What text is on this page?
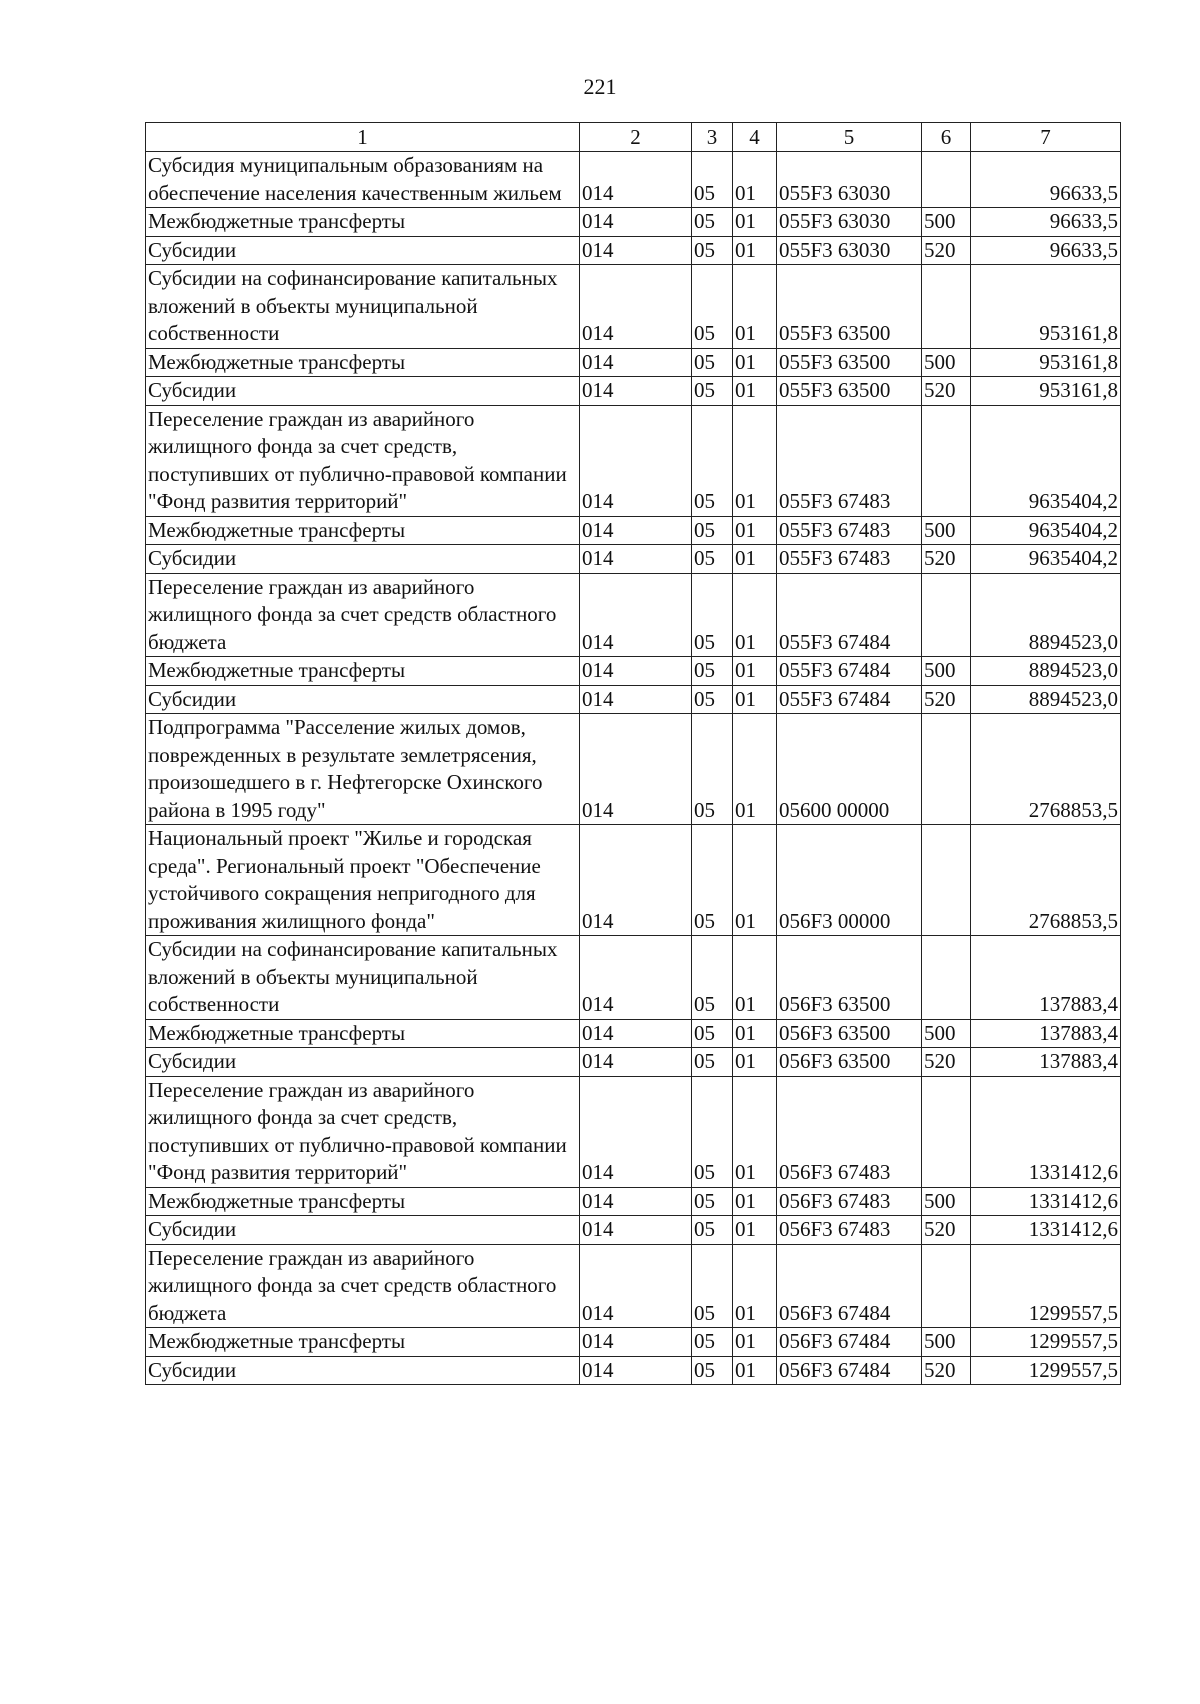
221
1	2	3	4	5	6	7
Субсидия муниципальным образованиям на обеспечение населения качественным жильем	014	05	01	055F3 63030		96633,5
Межбюджетные трансферты	014	05	01	055F3 63030	500	96633,5
Субсидии	014	05	01	055F3 63030	520	96633,5
Субсидии на софинансирование капитальных вложений в объекты муниципальной собственности	014	05	01	055F3 63500		953161,8
Межбюджетные трансферты	014	05	01	055F3 63500	500	953161,8
Субсидии	014	05	01	055F3 63500	520	953161,8
Переселение граждан из аварийного жилищного фонда за счет средств, поступивших от публично-правовой компании "Фонд развития территорий"	014	05	01	055F3 67483		9635404,2
Межбюджетные трансферты	014	05	01	055F3 67483	500	9635404,2
Субсидии	014	05	01	055F3 67483	520	9635404,2
Переселение граждан из аварийного жилищного фонда за счет средств областного бюджета	014	05	01	055F3 67484		8894523,0
Межбюджетные трансферты	014	05	01	055F3 67484	500	8894523,0
Субсидии	014	05	01	055F3 67484	520	8894523,0
Подпрограмма "Расселение жилых домов, поврежденных в результате землетрясения, произошедшего в г. Нефтегорске Охинского района в 1995 году"	014	05	01	05600 00000		2768853,5
Национальный проект "Жилье и городская среда". Региональный проект "Обеспечение устойчивого сокращения непригодного для проживания жилищного фонда"	014	05	01	056F3 00000		2768853,5
Субсидии на софинансирование капитальных вложений в объекты муниципальной собственности	014	05	01	056F3 63500		137883,4
Межбюджетные трансферты	014	05	01	056F3 63500	500	137883,4
Субсидии	014	05	01	056F3 63500	520	137883,4
Переселение граждан из аварийного жилищного фонда за счет средств, поступивших от публично-правовой компании "Фонд развития территорий"	014	05	01	056F3 67483		1331412,6
Межбюджетные трансферты	014	05	01	056F3 67483	500	1331412,6
Субсидии	014	05	01	056F3 67483	520	1331412,6
Переселение граждан из аварийного жилищного фонда за счет средств областного бюджета	014	05	01	056F3 67484		1299557,5
Межбюджетные трансферты	014	05	01	056F3 67484	500	1299557,5
Субсидии	014	05	01	056F3 67484	520	1299557,5
